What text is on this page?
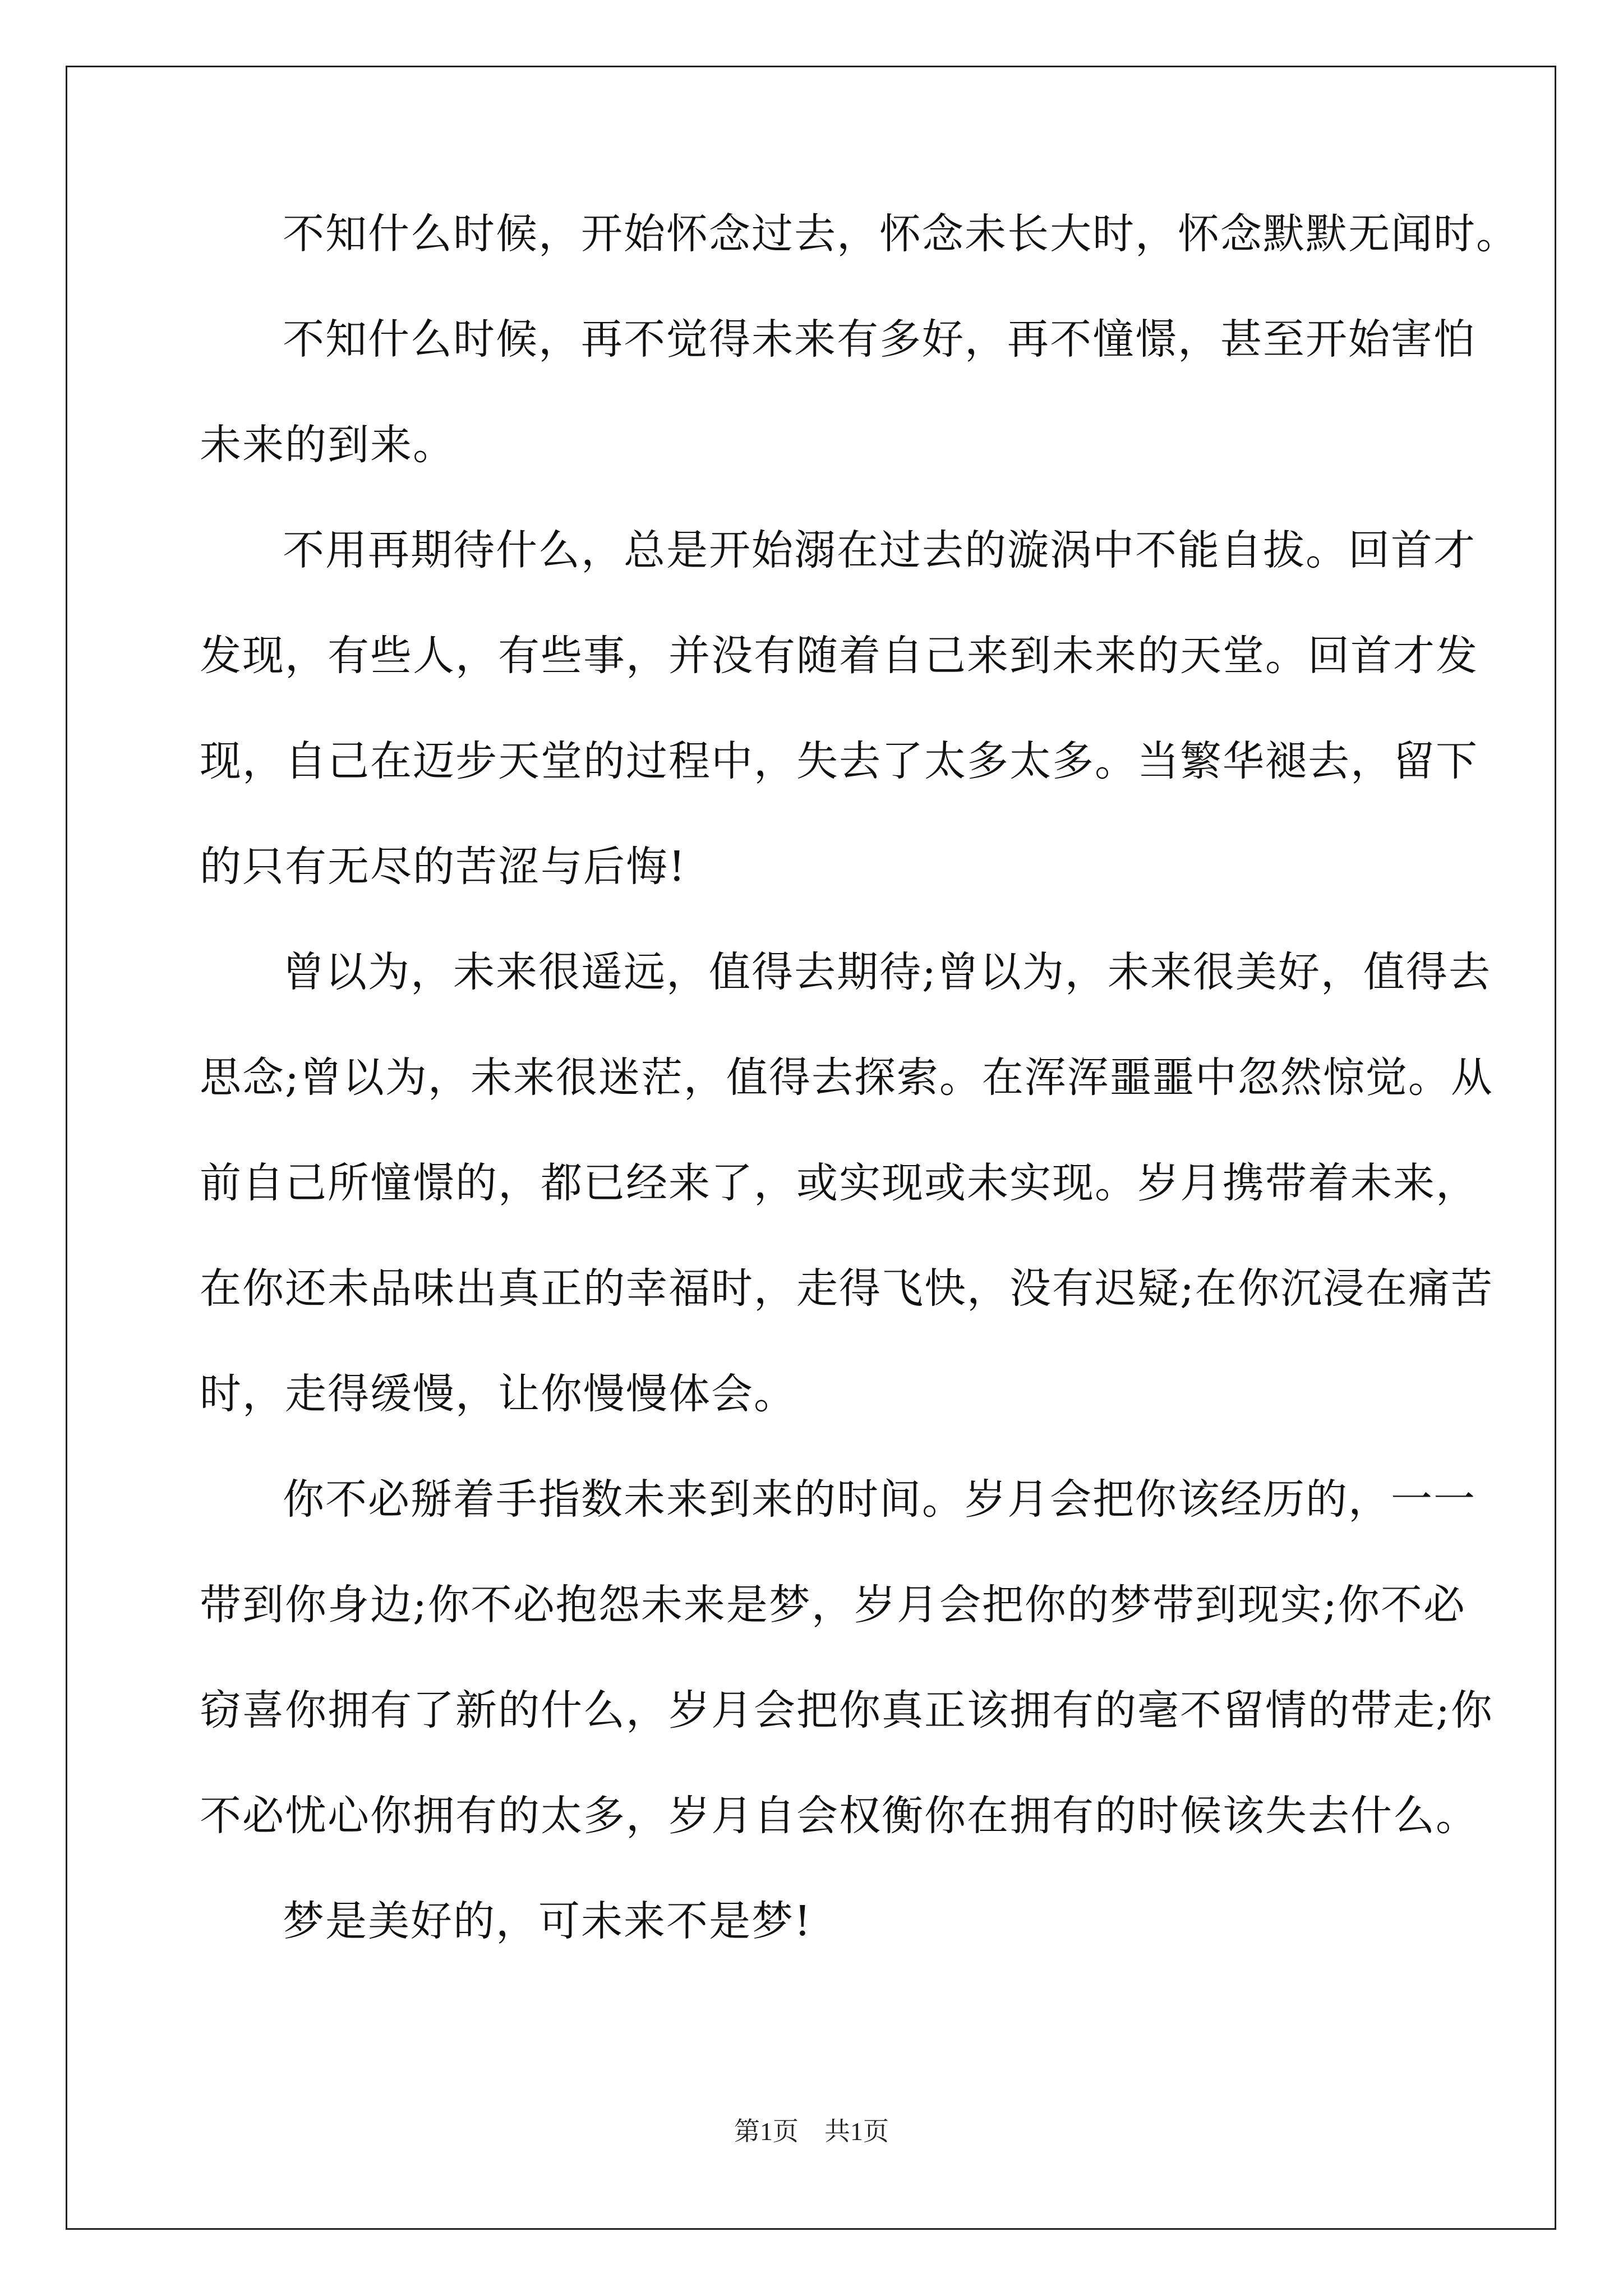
不知什么时候，开始怀念过去，怀念未长大时，怀念默默无闻时。
不知什么时候，再不觉得未来有多好，再不憧憬，甚至开始害怕
未来的到来。
不用再期待什么，总是开始溺在过去的漩涡中不能自拔。回首才
发现，有些人，有些事，并没有随着自己来到未来的天堂。回首才发
现，自己在迈步天堂的过程中，失去了太多太多。当繁华褪去，留下
的只有无尽的苦涩与后悔!
曾以为，未来很遥远，值得去期待;曾以为，未来很美好，值得去
思念;曾以为，未来很迷茫，值得去探索。在浑浑噩噩中忽然惊觉。从
前自己所憧憬的，都已经来了，或实现或未实现。岁月携带着未来，
在你还未品味出真正的幸福时，走得飞快，没有迟疑;在你沉浸在痛苦
时，走得缓慢，让你慢慢体会。
你不必掰着手指数未来到来的时间。岁月会把你该经历的，一一
带到你身边;你不必抱怨未来是梦，岁月会把你的梦带到现实;你不必
窃喜你拥有了新的什么，岁月会把你真正该拥有的毫不留情的带走;你
不必忧心你拥有的太多，岁月自会权衡你在拥有的时候该失去什么。
梦是美好的，可未来不是梦!
第1页　共1页
